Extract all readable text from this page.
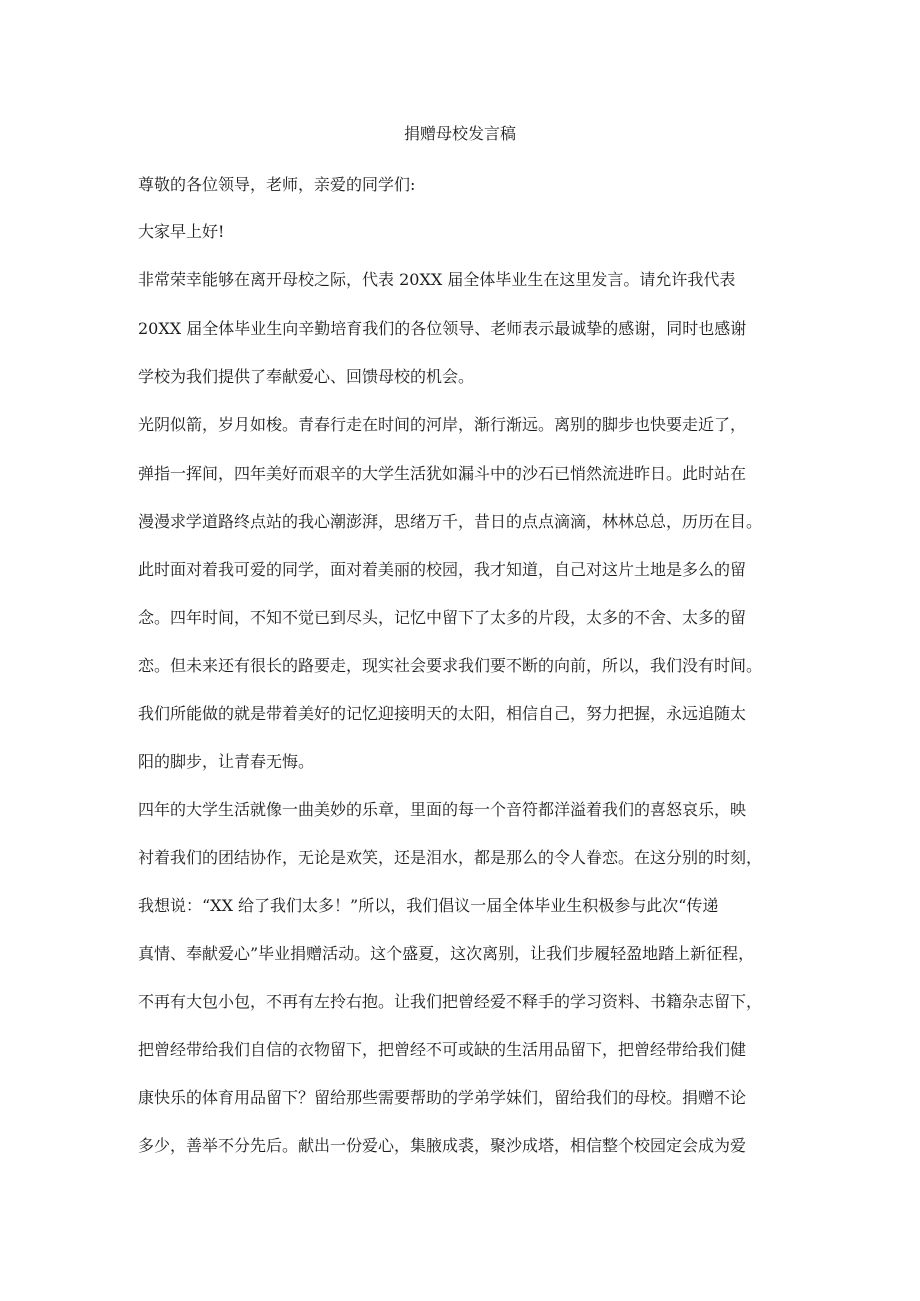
捐赠母校发言稿
尊敬的各位领导，老师，亲爱的同学们:
大家早上好!
非常荣幸能够在离开母校之际，代表 20XX 届全体毕业生在这里发言。请允许我代表
20XX 届全体毕业生向辛勤培育我们的各位领导、老师表示最诚挚的感谢，同时也感谢
学校为我们提供了奉献爱心、回馈母校的机会。
光阴似箭，岁月如梭。青春行走在时间的河岸，渐行渐远。离别的脚步也快要走近了，
弹指一挥间，四年美好而艰辛的大学生活犹如漏斗中的沙石已悄然流进昨日。此时站在
漫漫求学道路终点站的我心潮澎湃，思绪万千，昔日的点点滴滴，林林总总，历历在目。
此时面对着我可爱的同学，面对着美丽的校园，我才知道，自己对这片土地是多么的留
念。四年时间，不知不觉已到尽头，记忆中留下了太多的片段，太多的不舍、太多的留
恋。但未来还有很长的路要走，现实社会要求我们要不断的向前，所以，我们没有时间。
我们所能做的就是带着美好的记忆迎接明天的太阳，相信自己，努力把握，永远追随太
阳的脚步，让青春无悔。
四年的大学生活就像一曲美妙的乐章，里面的每一个音符都洋溢着我们的喜怒哀乐，映
衬着我们的团结协作，无论是欢笑，还是泪水，都是那么的令人眷恋。在这分别的时刻，
我想说：“XX 给了我们太多！”所以，我们倡议一届全体毕业生积极参与此次“传递
真情、奉献爱心”毕业捐赠活动。这个盛夏，这次离别，让我们步履轻盈地踏上新征程，
不再有大包小包，不再有左拎右抱。让我们把曾经爱不释手的学习资料、书籍杂志留下，
把曾经带给我们自信的衣物留下，把曾经不可或缺的生活用品留下，把曾经带给我们健
康快乐的体育用品留下？留给那些需要帮助的学弟学妹们，留给我们的母校。捐赠不论
多少，善举不分先后。献出一份爱心，集腋成裘，聚沙成塔，相信整个校园定会成为爱
